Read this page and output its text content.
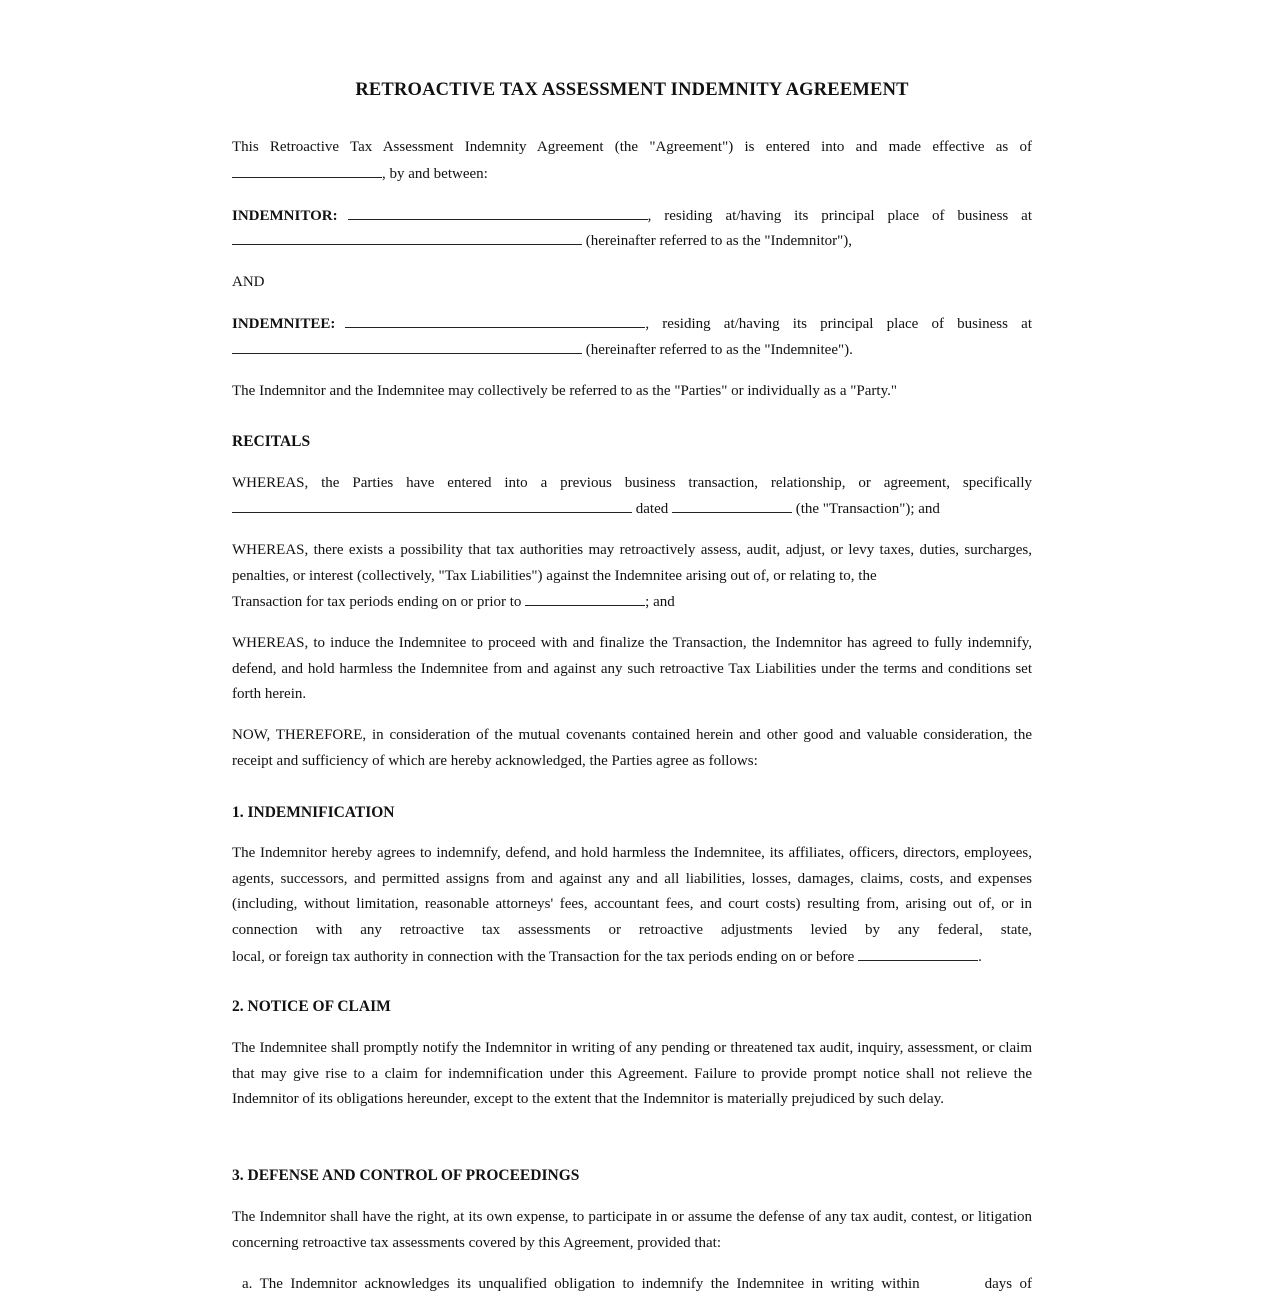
RETROACTIVE TAX ASSESSMENT INDEMNITY AGREEMENT
This Retroactive Tax Assessment Indemnity Agreement (the "Agreement") is entered into and made effective as of
, by and between:
INDEMNITOR:	, residing at/having its principal place of business at
(hereinafter referred to as the "Indemnitor"),
AND
INDEMNITEE:	, residing at/having its principal place of business at
(hereinafter referred to as the "Indemnitee").
The Indemnitor and the Indemnitee may collectively be referred to as the "Parties" or individually as a "Party."
RECITALS
WHEREAS, the Parties have entered into a previous business transaction, relationship, or agreement, specifically
dated	(the "Transaction"); and
WHEREAS, there exists a possibility that tax authorities may retroactively assess, audit, adjust, or levy taxes, duties, surcharges, penalties, or interest (collectively, "Tax Liabilities") against the Indemnitee arising out of, or relating to, the
Transaction for tax periods ending on or prior to	; and
WHEREAS, to induce the Indemnitee to proceed with and finalize the Transaction, the Indemnitor has agreed to fully indemnify, defend, and hold harmless the Indemnitee from and against any such retroactive Tax Liabilities under the terms and conditions set forth herein.
NOW, THEREFORE, in consideration of the mutual covenants contained herein and other good and valuable consideration, the receipt and sufficiency of which are hereby acknowledged, the Parties agree as follows:
1. INDEMNIFICATION
The Indemnitor hereby agrees to indemnify, defend, and hold harmless the Indemnitee, its affiliates, officers, directors, employees, agents, successors, and permitted assigns from and against any and all liabilities, losses, damages, claims, costs, and expenses (including, without limitation, reasonable attorneys' fees, accountant fees, and court costs) resulting from, arising out of, or in connection with any retroactive tax assessments or retroactive adjustments levied by any federal, state,
local, or foreign tax authority in connection with the Transaction for the tax periods ending on or before	.
2. NOTICE OF CLAIM
The Indemnitee shall promptly notify the Indemnitor in writing of any pending or threatened tax audit, inquiry, assessment, or claim that may give rise to a claim for indemnification under this Agreement. Failure to provide prompt notice shall not relieve the Indemnitor of its obligations hereunder, except to the extent that the Indemnitor is materially prejudiced by such delay.
3. DEFENSE AND CONTROL OF PROCEEDINGS
The Indemnitor shall have the right, at its own expense, to participate in or assume the defense of any tax audit, contest, or litigation concerning retroactive tax assessments covered by this Agreement, provided that:
a. The Indemnitor acknowledges its unqualified obligation to indemnify the Indemnitee in writing within	days of
